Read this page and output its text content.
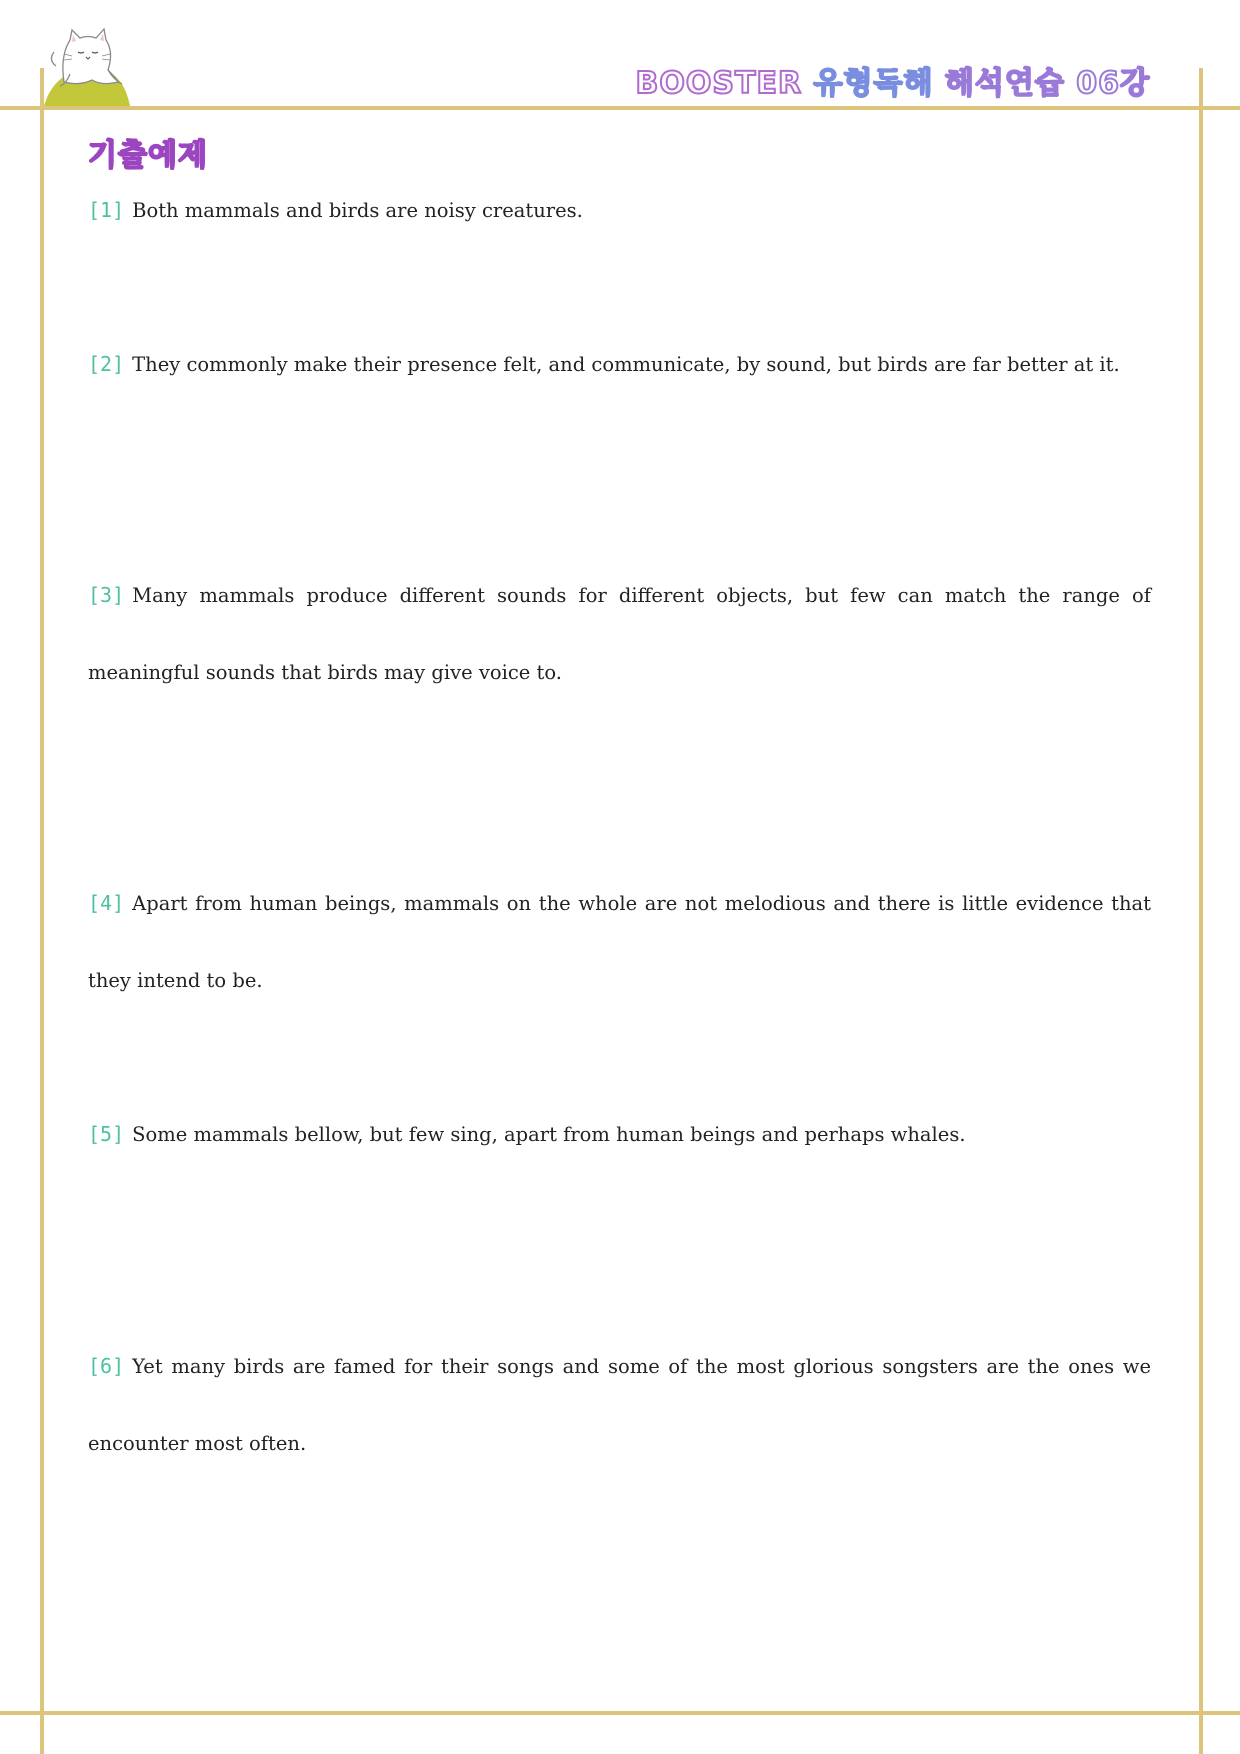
BOOSTER 유형독해 해석연습 06강
기출예제

[1] Both mammals and birds are noisy creatures.

[2] They commonly make their presence felt, and communicate, by sound, but birds are far better at it.

[3] Many mammals produce different sounds for different objects, but few can match the range of meaningful sounds that birds may give voice to.

[4] Apart from human beings, mammals on the whole are not melodious and there is little evidence that they intend to be.

[5] Some mammals bellow, but few sing, apart from human beings and perhaps whales.

[6] Yet many birds are famed for their songs and some of the most glorious songsters are the ones we encounter most often.
